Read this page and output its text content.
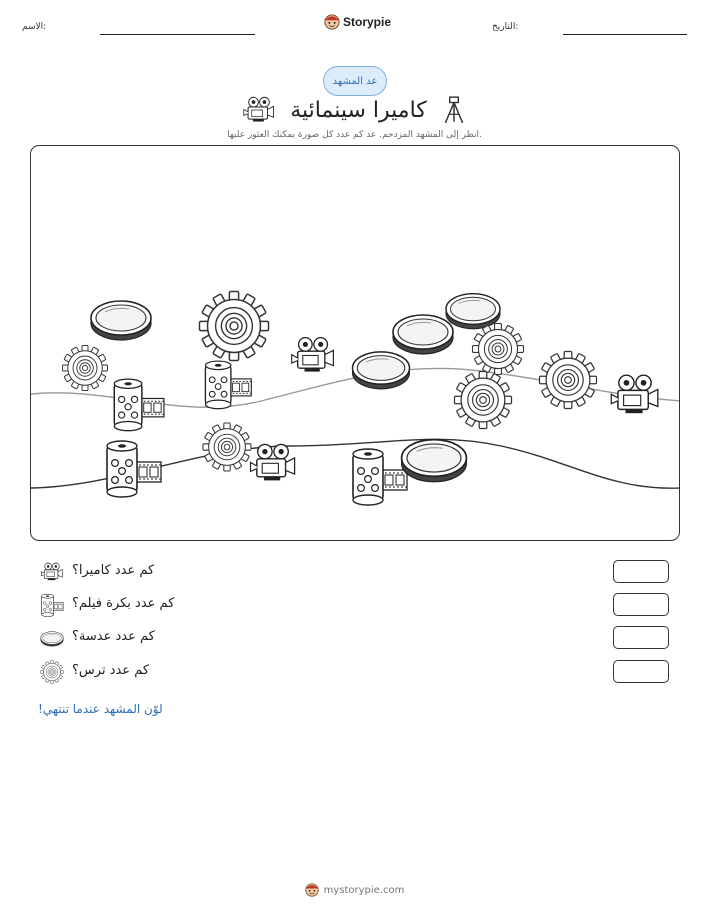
الاسم:	Storypie	التاريخ:
عد المشهد
كاميرا سينمائية
انظر إلى المشهد المزدحم. عد كم عدد كل صورة يمكنك العثور عليها.
كم عدد كاميرا؟
كم عدد بكرة فيلم؟
كم عدد عدسة؟
كم عدد ترس؟
لوّن المشهد عندما تنتهي!
mystorypie.com
